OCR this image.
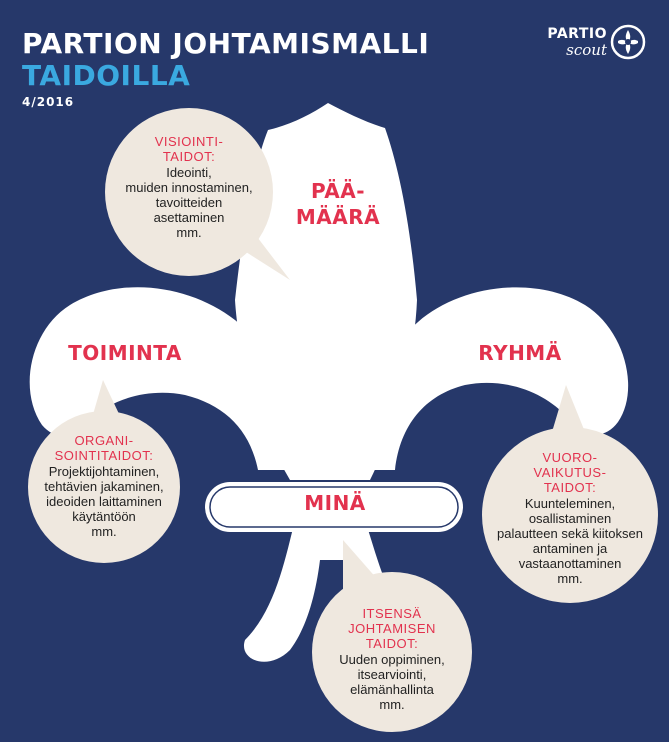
PARTION JOHTAMISMALLI
TAIDOILLA
4/2016
PARTIO
scout
PÄÄ-
MÄÄRÄ
TOIMINTA	RYHMÄ
MINÄ
VISIOINTI-
TAIDOT:
Ideointi,
muiden innostaminen,
tavoitteiden
asettaminen
mm.
ORGANI-
SOINTITAIDOT:
Projektijohtaminen,
tehtävien jakaminen,
ideoiden laittaminen
käytäntöön
mm.
VUORO-
VAIKUTUS-
TAIDOT:
Kuunteleminen,
osallistaminen
palautteen sekä kiitoksen
antaminen ja
vastaanottaminen
mm.
ITSENSÄ
JOHTAMISEN
TAIDOT:
Uuden oppiminen,
itsearviointi,
elämänhallinta
mm.
